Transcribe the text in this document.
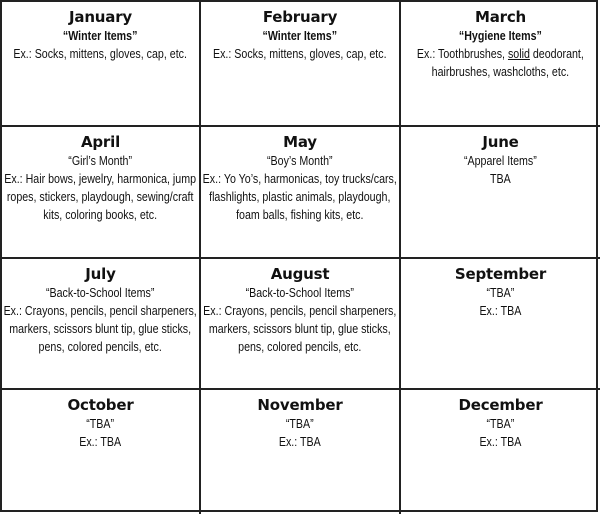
January
“Winter Items”
Ex.: Socks, mittens, gloves, cap, etc.
February
“Winter Items”
Ex.: Socks, mittens, gloves, cap, etc.
March
“Hygiene Items”
Ex.: Toothbrushes, solid deodorant, hairbrushes, washcloths, etc.
April
“Girl’s Month”
Ex.: Hair bows, jewelry, harmonica, jump ropes, stickers, playdough, sewing/craft kits, coloring books, etc.
May
“Boy’s Month”
Ex.: Yo Yo’s, harmonicas, toy trucks/cars, flashlights, plastic animals, playdough, foam balls, fishing kits, etc.
June
“Apparel Items”
TBA
July
“Back-to-School Items”
Ex.: Crayons, pencils, pencil sharpeners, markers, scissors blunt tip, glue sticks, pens, colored pencils, etc.
August
“Back-to-School Items”
Ex.: Crayons, pencils, pencil sharpeners, markers, scissors blunt tip, glue sticks, pens, colored pencils, etc.
September
“TBA”
Ex.: TBA
October
“TBA”
Ex.: TBA
November
“TBA”
Ex.: TBA
December
“TBA”
Ex.: TBA
